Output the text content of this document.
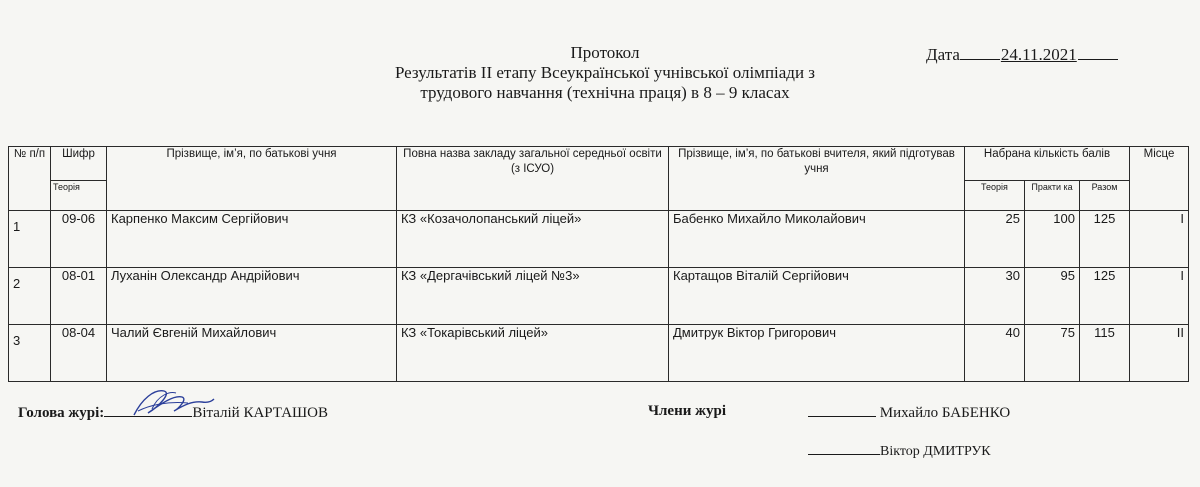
Протокол
Результатів ІІ етапу Всеукраїнської учнівської олімпіади з
трудового навчання (технічна праця) в 8 – 9 класах
Дата 24.11.2021
№ п/п	Шифр	Прізвище, ім’я, по батькові учня	Повна назва закладу загальної середньої освіти (з ІСУО)	Прізвище, ім’я, по батькові вчителя, який підготував учня	Набрана кількість балів			Місце
	Теорія				Теорія	Практи ка	Разом	
1	09-06	Карпенко Максим Сергійович	КЗ «Козачолопанський ліцей»	Бабенко Михайло Миколайович	25	100	125	І
2	08-01	Луханін Олександр Андрійович	КЗ «Дергачівський ліцей №3»	Картащов Віталій Сергійович	30	95	125	І
3	08-04	Чалий Євгеній Михайлович	КЗ «Токарівський ліцей»	Дмитрук Віктор Григорович	40	75	115	ІІ
Голова журі:	Віталій КАРТАШОВ	Члени журі	Михайло БАБЕНКО
Віктор ДМИТРУК
